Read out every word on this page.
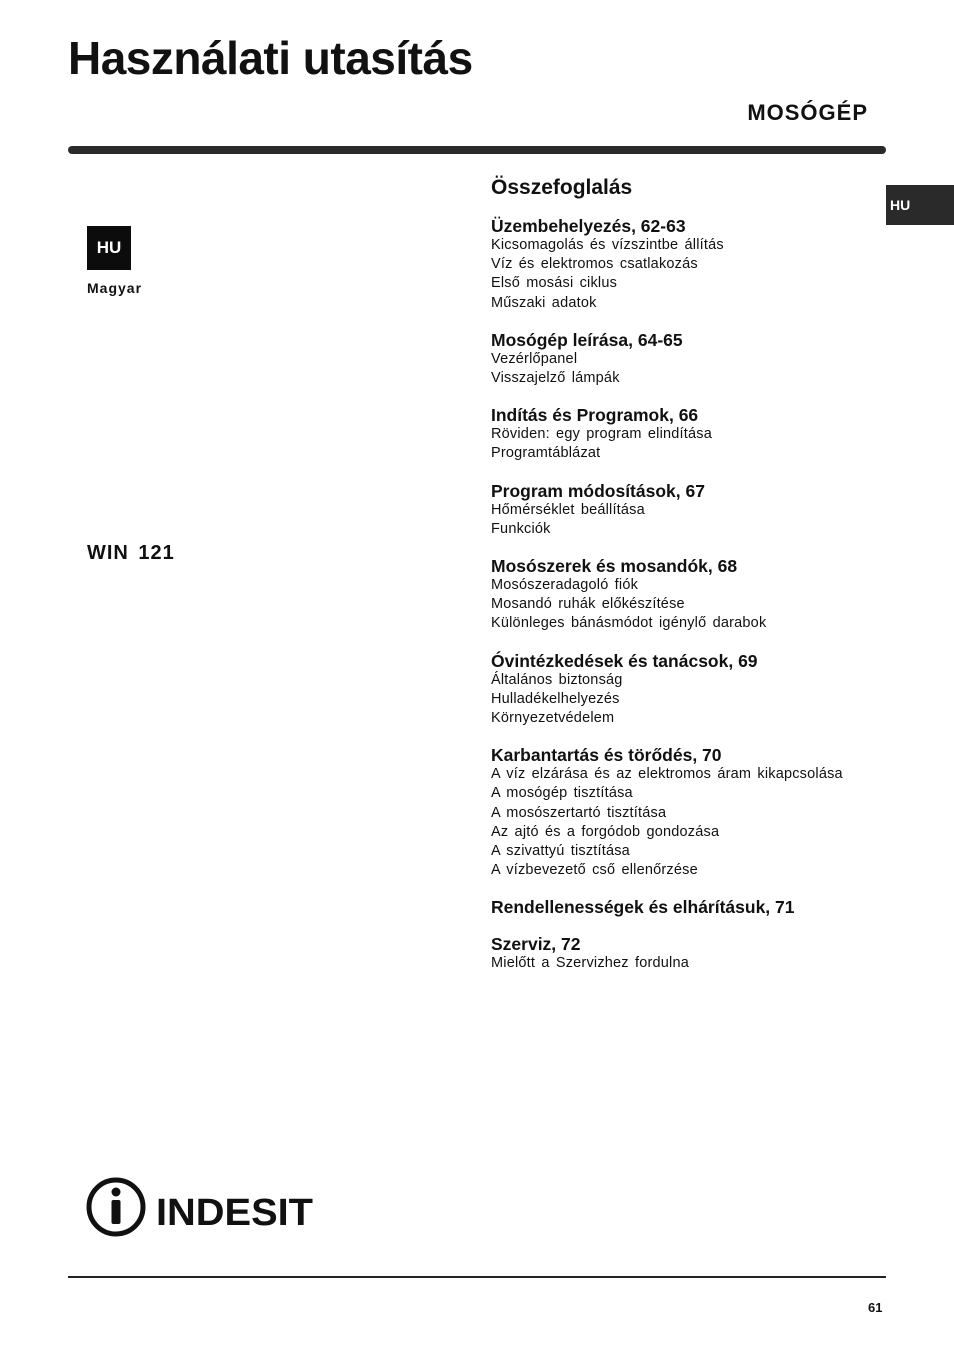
Használati utasítás
MOSÓGÉP
HU
Magyar
HU
WIN 121
Összefoglalás
Üzembehelyezés, 62-63
Kicsomagolás és vízszintbe állítás
Víz és elektromos csatlakozás
Első mosási ciklus
Műszaki adatok
Mosógép leírása, 64-65
Vezérlőpanel
Visszajelző lámpák
Indítás és Programok, 66
Röviden: egy program elindítása
Programtáblázat
Program módosítások, 67
Hőmérséklet beállítása
Funkciók
Mosószerek és mosandók, 68
Mosószeradagoló fiók
Mosandó ruhák előkészítése
Különleges bánásmódot igénylő darabok
Óvintézkedések és tanácsok, 69
Általános biztonság
Hulladékelhelyezés
Környezetvédelem
Karbantartás és törődés, 70
A víz elzárása és az elektromos áram kikapcsolása
A mosógép tisztítása
A mosószertartó tisztítása
Az ajtó és a forgódob gondozása
A szivattyú tisztítása
A vízbevezető cső ellenőrzése
Rendellenességek és elhárításuk, 71
Szerviz, 72
Mielőtt a Szervizhez fordulna
INDESIT
61
